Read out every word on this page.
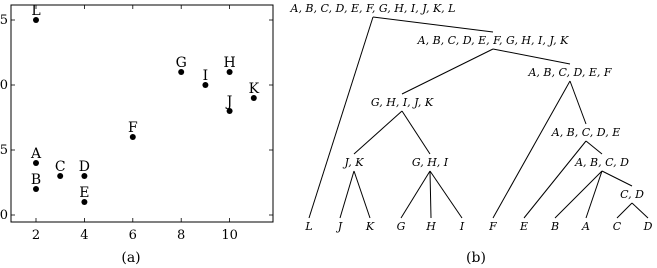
2	4	6	8	10
0
5
0
5
L
A
B
C D
E
F
G
I
H
J
K
(a)
A, B, C, D, E, F, G, H, I, J, K, L
A, B, C, D, E, F, G, H, I, J, K
A, B, C, D, E, F
G, H, I, J, K
A, B, C, D, E
J, K	G, H, I	A, B, C, D
C, D
L J K G H I F E B A C D
(b)
